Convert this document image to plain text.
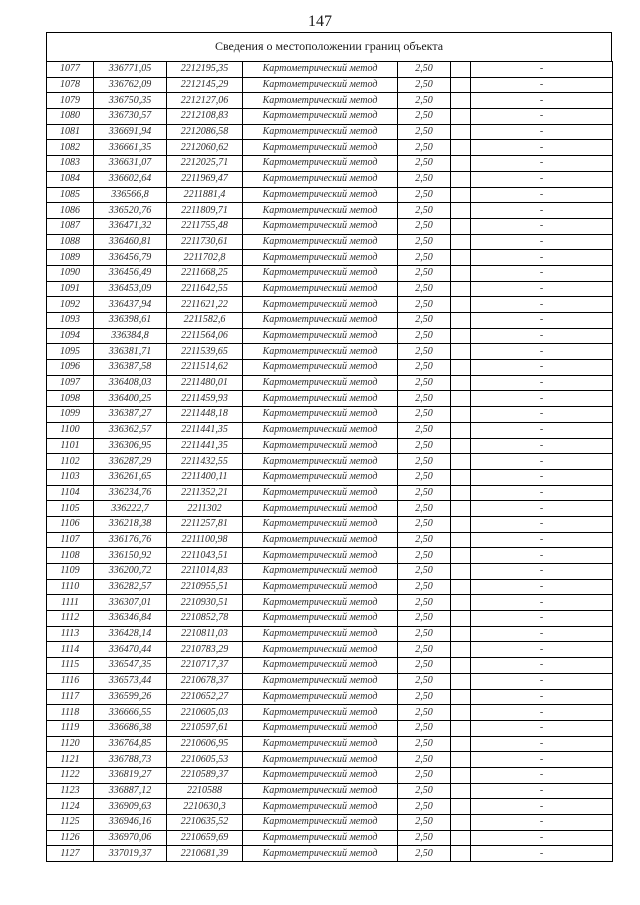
147
Сведения о местоположении границ объекта
1077	336771,05	2212195,35	Картометрический метод	2,50		-
1078	336762,09	2212145,29	Картометрический метод	2,50		-
1079	336750,35	2212127,06	Картометрический метод	2,50		-
1080	336730,57	2212108,83	Картометрический метод	2,50		-
1081	336691,94	2212086,58	Картометрический метод	2,50		-
1082	336661,35	2212060,62	Картометрический метод	2,50		-
1083	336631,07	2212025,71	Картометрический метод	2,50		-
1084	336602,64	2211969,47	Картометрический метод	2,50		-
1085	336566,8	2211881,4	Картометрический метод	2,50		-
1086	336520,76	2211809,71	Картометрический метод	2,50		-
1087	336471,32	2211755,48	Картометрический метод	2,50		-
1088	336460,81	2211730,61	Картометрический метод	2,50		-
1089	336456,79	2211702,8	Картометрический метод	2,50		-
1090	336456,49	2211668,25	Картометрический метод	2,50		-
1091	336453,09	2211642,55	Картометрический метод	2,50		-
1092	336437,94	2211621,22	Картометрический метод	2,50		-
1093	336398,61	2211582,6	Картометрический метод	2,50		-
1094	336384,8	2211564,06	Картометрический метод	2,50		-
1095	336381,71	2211539,65	Картометрический метод	2,50		-
1096	336387,58	2211514,62	Картометрический метод	2,50		-
1097	336408,03	2211480,01	Картометрический метод	2,50		-
1098	336400,25	2211459,93	Картометрический метод	2,50		-
1099	336387,27	2211448,18	Картометрический метод	2,50		-
1100	336362,57	2211441,35	Картометрический метод	2,50		-
1101	336306,95	2211441,35	Картометрический метод	2,50		-
1102	336287,29	2211432,55	Картометрический метод	2,50		-
1103	336261,65	2211400,11	Картометрический метод	2,50		-
1104	336234,76	2211352,21	Картометрический метод	2,50		-
1105	336222,7	2211302	Картометрический метод	2,50		-
1106	336218,38	2211257,81	Картометрический метод	2,50		-
1107	336176,76	2211100,98	Картометрический метод	2,50		-
1108	336150,92	2211043,51	Картометрический метод	2,50		-
1109	336200,72	2211014,83	Картометрический метод	2,50		-
1110	336282,57	2210955,51	Картометрический метод	2,50		-
1111	336307,01	2210930,51	Картометрический метод	2,50		-
1112	336346,84	2210852,78	Картометрический метод	2,50		-
1113	336428,14	2210811,03	Картометрический метод	2,50		-
1114	336470,44	2210783,29	Картометрический метод	2,50		-
1115	336547,35	2210717,37	Картометрический метод	2,50		-
1116	336573,44	2210678,37	Картометрический метод	2,50		-
1117	336599,26	2210652,27	Картометрический метод	2,50		-
1118	336666,55	2210605,03	Картометрический метод	2,50		-
1119	336686,38	2210597,61	Картометрический метод	2,50		-
1120	336764,85	2210606,95	Картометрический метод	2,50		-
1121	336788,73	2210605,53	Картометрический метод	2,50		-
1122	336819,27	2210589,37	Картометрический метод	2,50		-
1123	336887,12	2210588	Картометрический метод	2,50		-
1124	336909,63	2210630,3	Картометрический метод	2,50		-
1125	336946,16	2210635,52	Картометрический метод	2,50		-
1126	336970,06	2210659,69	Картометрический метод	2,50		-
1127	337019,37	2210681,39	Картометрический метод	2,50		-
